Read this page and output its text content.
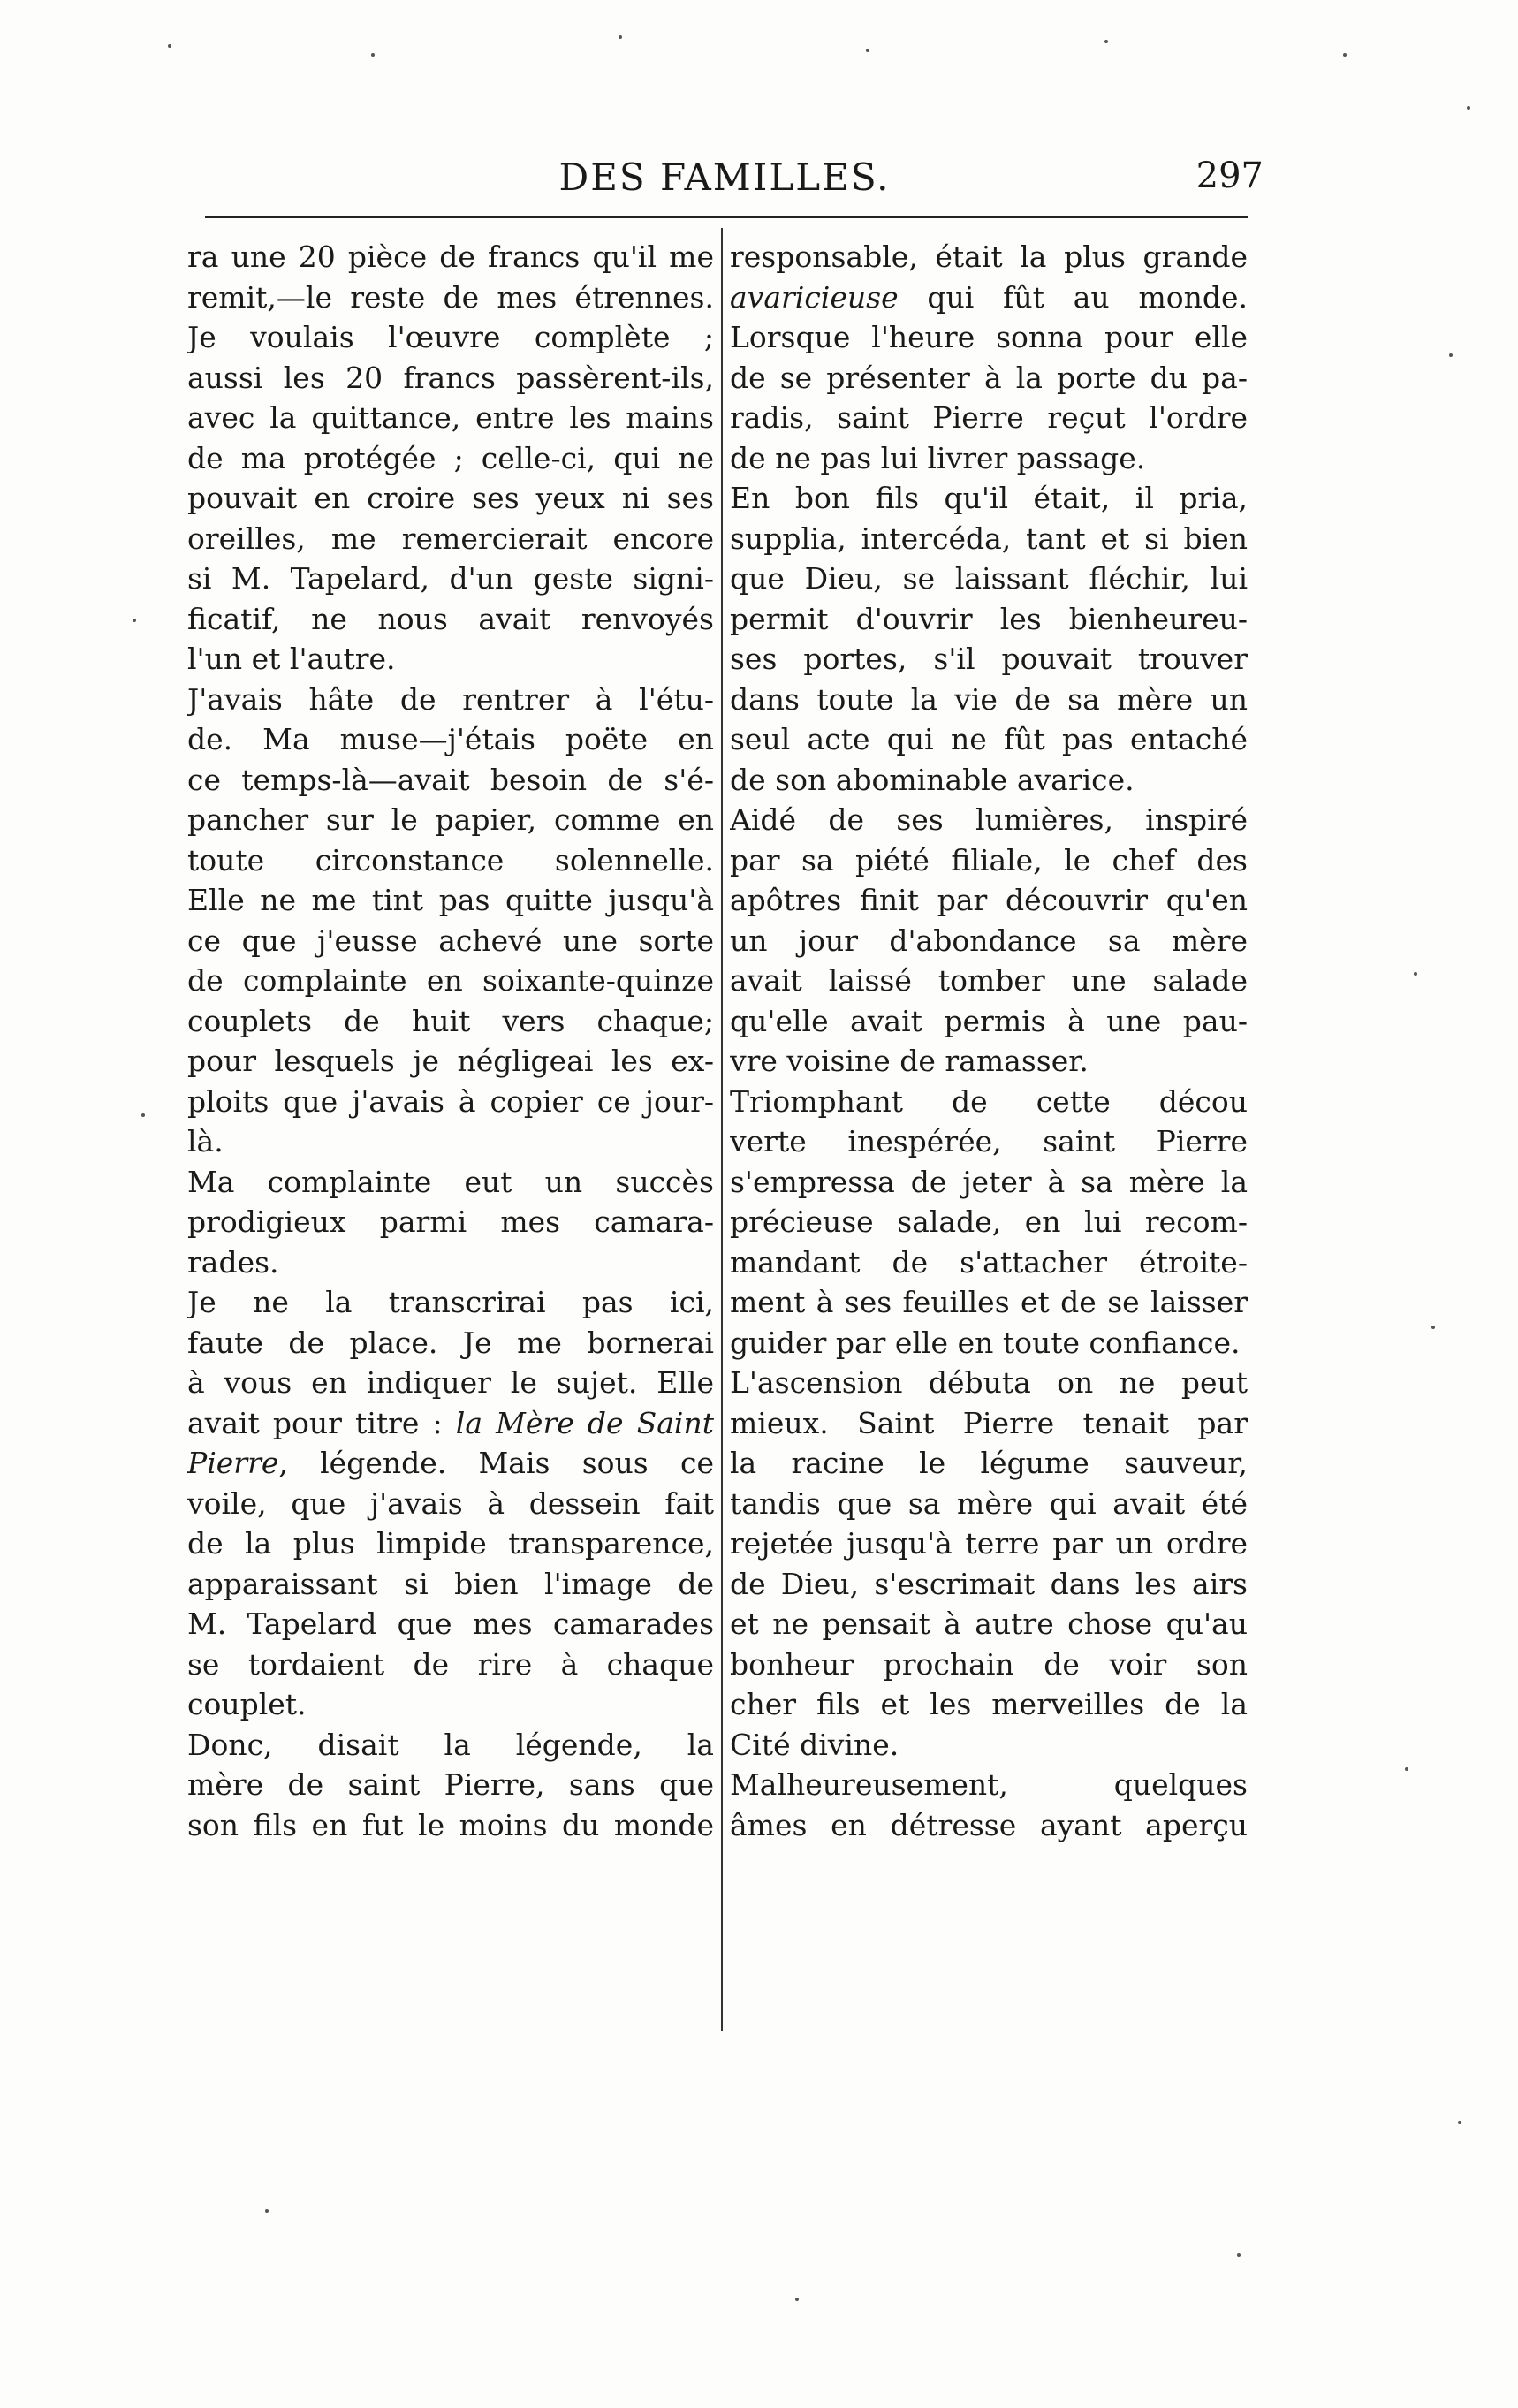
DES FAMILLES.	297
ra une 20 pièce de francs qu'il me
remit,—le reste de mes étrennes.
Je voulais l'œuvre complète ;
aussi les 20 francs passèrent-ils,
avec la quittance, entre les mains
de ma protégée ; celle-ci, qui ne
pouvait en croire ses yeux ni ses
oreilles, me remercierait encore
si M. Tapelard, d'un geste signi-
ficatif, ne nous avait renvoyés
l'un et l'autre.
J'avais hâte de rentrer à l'étu-
de. Ma muse—j'étais poëte en
ce temps-là—avait besoin de s'é-
pancher sur le papier, comme en
toute circonstance solennelle.
Elle ne me tint pas quitte jusqu'à
ce que j'eusse achevé une sorte
de complainte en soixante-quinze
couplets de huit vers chaque;
pour lesquels je négligeai les ex-
ploits que j'avais à copier ce jour-
là.
Ma complainte eut un succès
prodigieux parmi mes camara-
rades.
Je ne la transcrirai pas ici,
faute de place. Je me bornerai
à vous en indiquer le sujet. Elle
avait pour titre : la Mère de Saint
Pierre, légende. Mais sous ce
voile, que j'avais à dessein fait
de la plus limpide transparence,
apparaissant si bien l'image de
M. Tapelard que mes camarades
se tordaient de rire à chaque
couplet.
Donc, disait la légende, la
mère de saint Pierre, sans que
son fils en fut le moins du monde
responsable, était la plus grande
avaricieuse qui fût au monde.
Lorsque l'heure sonna pour elle
de se présenter à la porte du pa-
radis, saint Pierre reçut l'ordre
de ne pas lui livrer passage.
En bon fils qu'il était, il pria,
supplia, intercéda, tant et si bien
que Dieu, se laissant fléchir, lui
permit d'ouvrir les bienheureu-
ses portes, s'il pouvait trouver
dans toute la vie de sa mère un
seul acte qui ne fût pas entaché
de son abominable avarice.
Aidé de ses lumières, inspiré
par sa piété filiale, le chef des
apôtres finit par découvrir qu'en
un jour d'abondance sa mère
avait laissé tomber une salade
qu'elle avait permis à une pau-
vre voisine de ramasser.
Triomphant de cette décou
verte inespérée, saint Pierre
s'empressa de jeter à sa mère la
précieuse salade, en lui recom-
mandant de s'attacher étroite-
ment à ses feuilles et de se laisser
guider par elle en toute confiance.
L'ascension débuta on ne peut
mieux. Saint Pierre tenait par
la racine le légume sauveur,
tandis que sa mère qui avait été
rejetée jusqu'à terre par un ordre
de Dieu, s'escrimait dans les airs
et ne pensait à autre chose qu'au
bonheur prochain de voir son
cher fils et les merveilles de la
Cité divine.
Malheureusement, quelques
âmes en détresse ayant aperçu
